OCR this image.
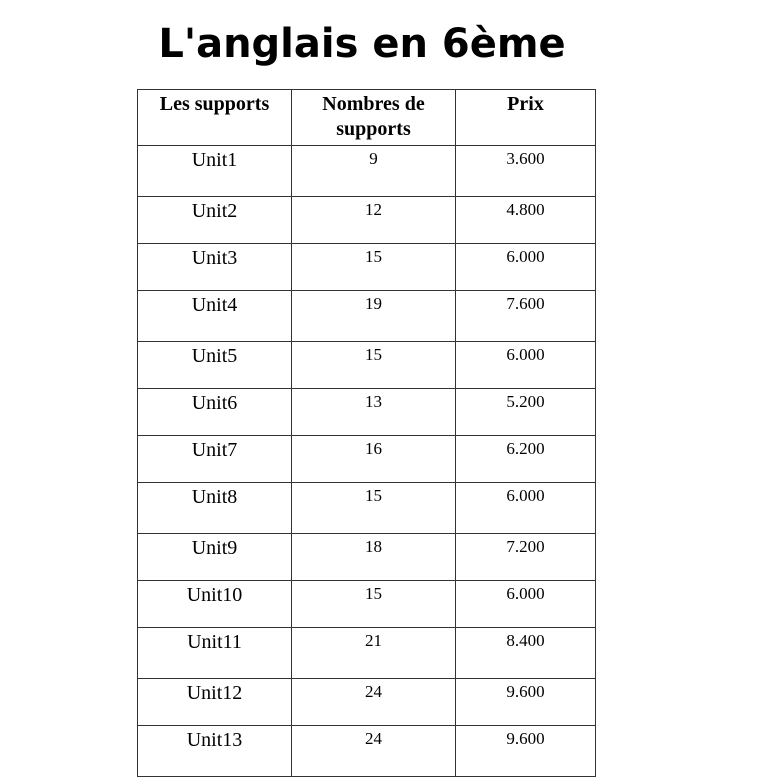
L'anglais en 6ème
Les supports	Nombres de supports	Prix
Unit1	9	3.600
Unit2	12	4.800
Unit3	15	6.000
Unit4	19	7.600
Unit5	15	6.000
Unit6	13	5.200
Unit7	16	6.200
Unit8	15	6.000
Unit9	18	7.200
Unit10	15	6.000
Unit11	21	8.400
Unit12	24	9.600
Unit13	24	9.600
